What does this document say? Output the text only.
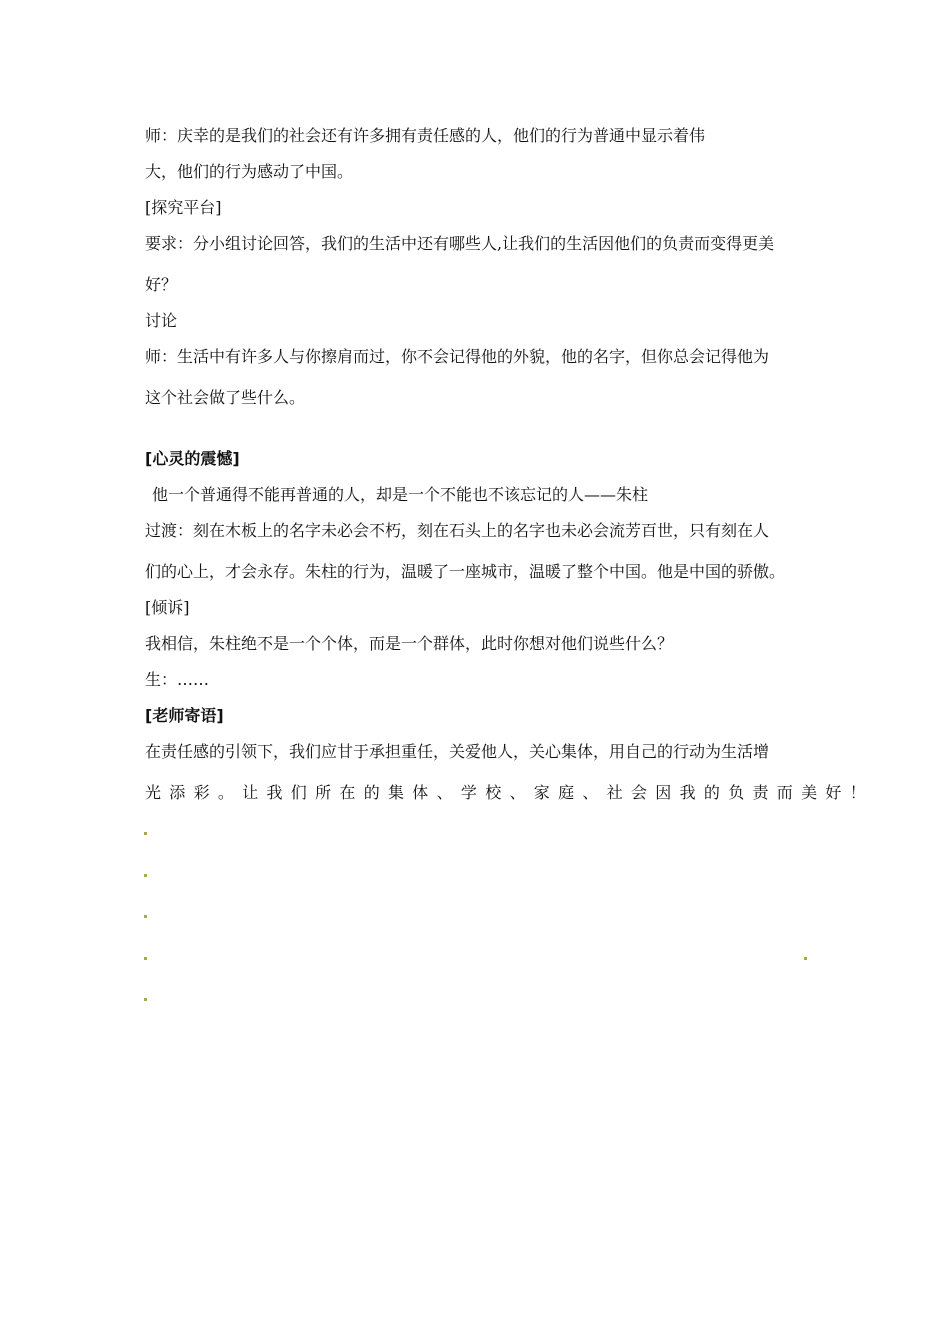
师：庆幸的是我们的社会还有许多拥有责任感的人，他们的行为普通中显示着伟
大，他们的行为感动了中国。
[探究平台]
要求：分小组讨论回答，我们的生活中还有哪些人,让我们的生活因他们的负责而变得更美
好？
讨论
师：生活中有许多人与你擦肩而过，你不会记得他的外貌，他的名字，但你总会记得他为
这个社会做了些什么。
[心灵的震憾]
他一个普通得不能再普通的人，却是一个不能也不该忘记的人——朱柱
过渡：刻在木板上的名字未必会不朽，刻在石头上的名字也未必会流芳百世，只有刻在人
们的心上，才会永存。朱柱的行为，温暖了一座城市，温暖了整个中国。他是中国的骄傲。
[倾诉]
我相信，朱柱绝不是一个个体，而是一个群体，此时你想对他们说些什么？
生：……
[老师寄语]
在责任感的引领下，我们应甘于承担重任，关爱他人，关心集体，用自己的行动为生活增
光添彩。让我们所在的集体、学校、家庭、社会因我的负责而美好！
